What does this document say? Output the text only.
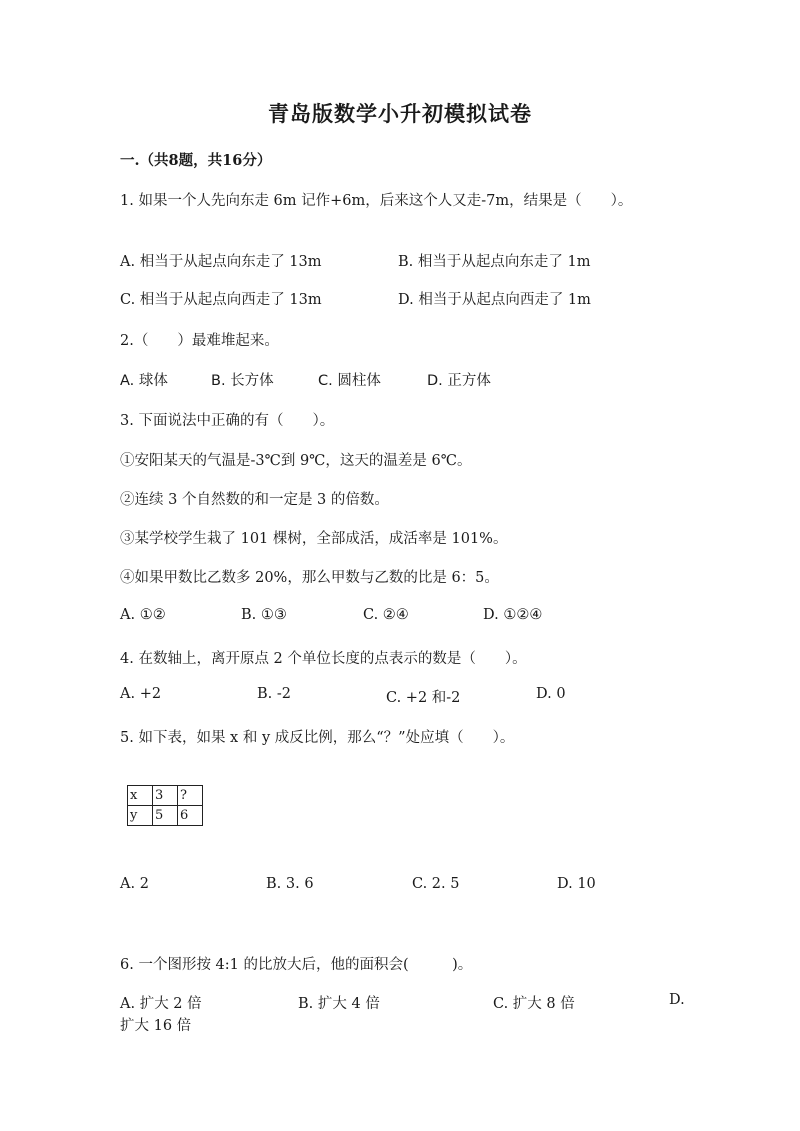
青岛版数学小升初模拟试卷
一.（共8题，共16分）
1. 如果一个人先向东走 6m 记作+6m，后来这个人又走-7m，结果是（　　）。
A. 相当于从起点向东走了 13m	B. 相当于从起点向东走了 1m
C. 相当于从起点向西走了 13m	D. 相当于从起点向西走了 1m
2.（　　）最难堆起来。
A. 球体	B. 长方体	C. 圆柱体	D. 正方体
3. 下面说法中正确的有（　　）。
①安阳某天的气温是-3℃到 9℃，这天的温差是 6℃。
②连续 3 个自然数的和一定是 3 的倍数。
③某学校学生栽了 101 棵树，全部成活，成活率是 101%。
④如果甲数比乙数多 20%，那么甲数与乙数的比是 6：5。
A. ①②	B. ①③	C. ②④	D. ①②④
4. 在数轴上，离开原点 2 个单位长度的点表示的数是（　　）。
A. +2	B. -2	C. +2 和-2	D. 0
5. 如下表，如果 x 和 y 成反比例，那么“？”处应填（　　）。
x	3	?
y	5	6
A. 2	B. 3. 6	C. 2. 5	D. 10
6. 一个图形按 4:1 的比放大后，他的面积会(　　　)。
A. 扩大 2 倍	B. 扩大 4 倍	C. 扩大 8 倍	D.
扩大 16 倍
